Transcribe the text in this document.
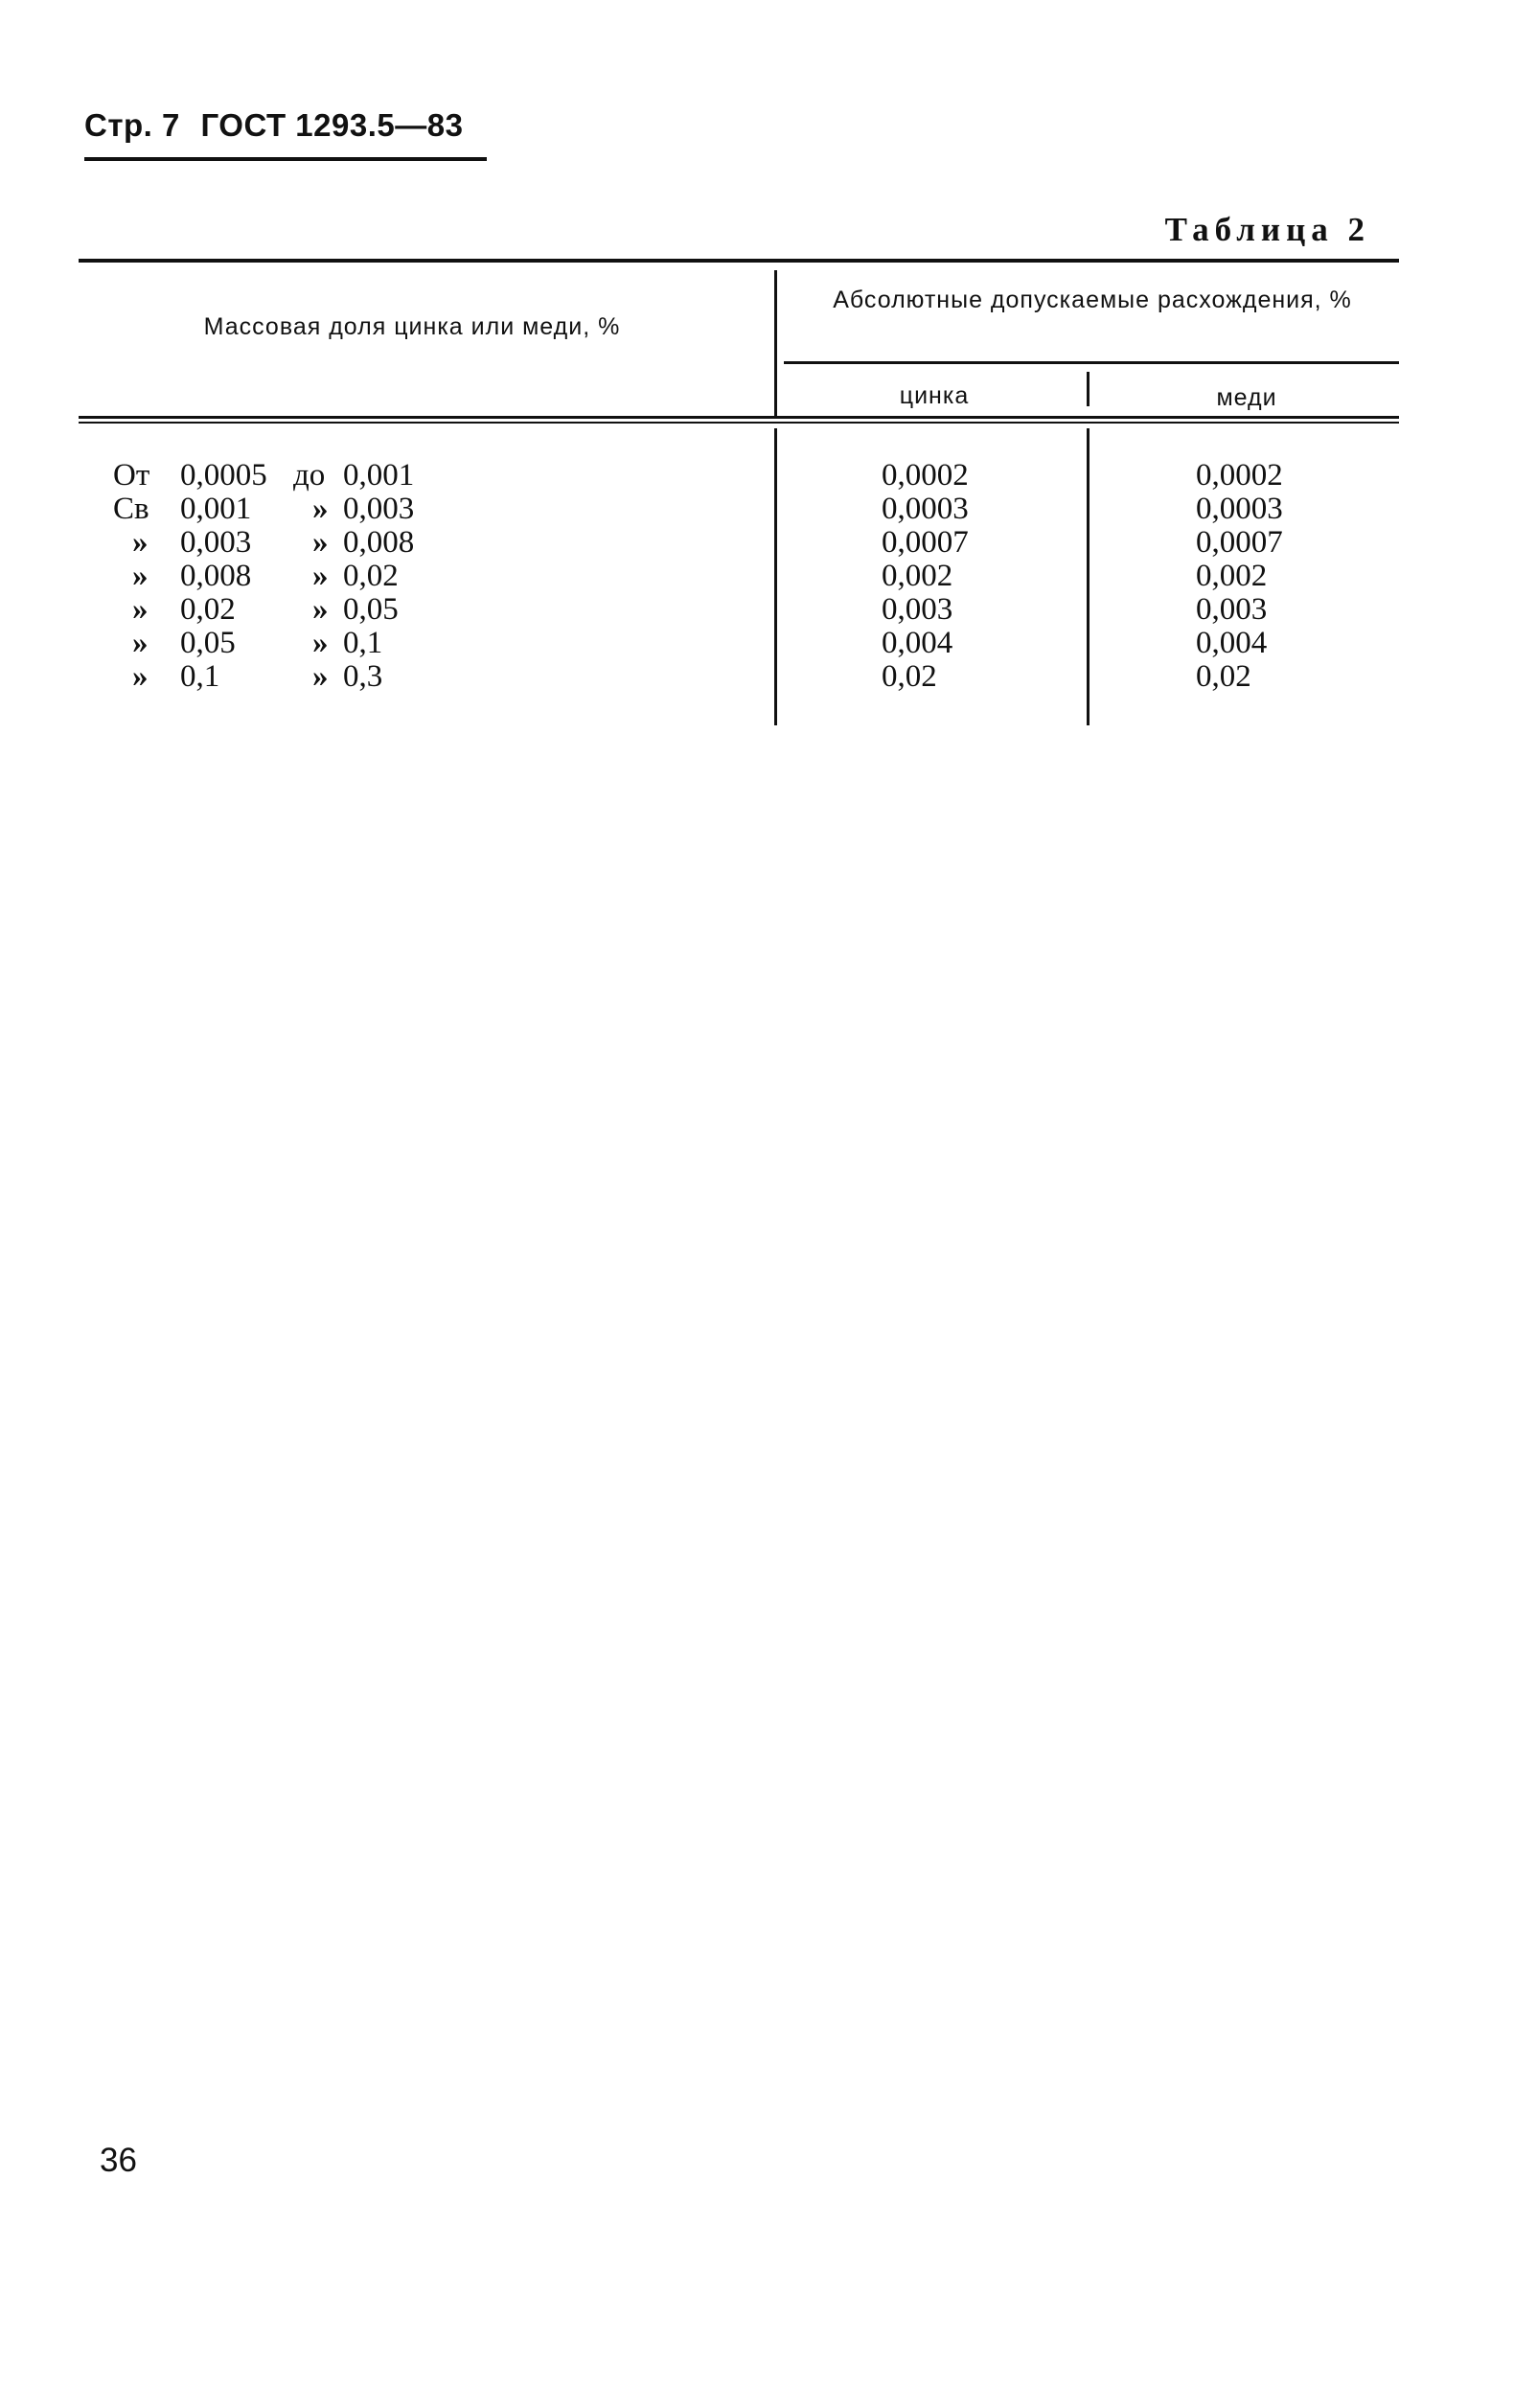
Стр. 7 ГОСТ 1293.5—83
Таблица 2
Массовая доля цинка или меди, %
Абсолютные допускаемые расхождения, %
цинка	меди
От 0,0005 до 0,001	0,0002	0,0002
Св 0,001	» 0,003	0,0003	0,0003
»	0,003	» 0,008	0,0007	0,0007
»	0,008	» 0,02	0,002	0,002
»	0,02	» 0,05	0,003	0,003
»	0,05	» 0,1	0,004	0,004
»	0,1	» 0,3	0,02	0,02
36
